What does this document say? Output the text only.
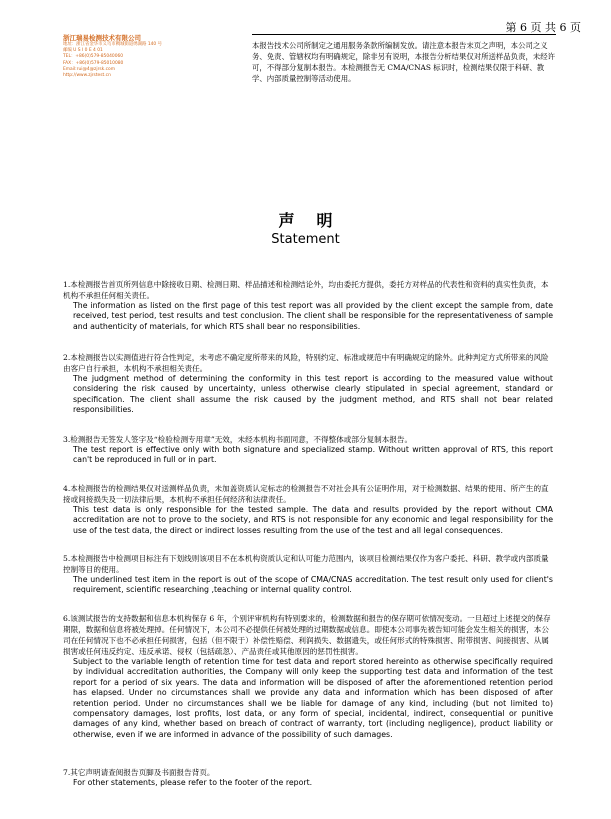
第 6 页 共 6 页
浙江瑞易检测技术有限公司
地址：浙江省金华市义乌市稠城街道绣湖路 140 号
邮编 U S I 0 E 4 01
TEL：+86(0)579-85040060
FAX：+86(0)579-85010080
Email:rui@4@zjrsk.com
http://www.zjrstest.cn
本报告技术公司所制定之通用服务条款所编制发放。请注意本报告末页之声明，本公司之义务、免责、管辖权均有明确规定，除非另有说明，本报告分析结果仅对所送样品负责，未经许可，不得部分复制本报告。本检测报告无 CMA/CNAS 标识时，检测结果仅限于科研、教学、内部质量控制等活动使用。
声明
Statement
1.本检测报告首页所列信息中除接收日期、检测日期、样品描述和检测结论外，均由委托方提供，委托方对样品的代表性和资料的真实性负责，本机构不承担任何相关责任。
The information as listed on the first page of this test report was all provided by the client except the sample from, date received, test period, test results and test conclusion. The client shall be responsible for the representativeness of sample and authenticity of materials, for which RTS shall bear no responsibilities.
2.本检测报告以实测值进行符合性判定，未考虑不确定度所带来的风险，特别约定、标准或规范中有明确规定的除外。此种判定方式所带来的风险由客户自行承担，本机构不承担相关责任。
The judgment method of determining the conformity in this test report is according to the measured value without considering the risk caused by uncertainty, unless otherwise clearly stipulated in special agreement, standard or specification. The client shall assume the risk caused by the judgment method, and RTS shall not bear related responsibilities.
3.检测报告无签发人签字及“检验检测专用章”无效，未经本机构书面同意，不得整体或部分复制本报告。
The test report is effective only with both signature and specialized stamp. Without written approval of RTS, this report can't be reproduced in full or in part.
4.本检测报告的检测结果仅对送测样品负责，未加盖资质认定标志的检测报告不对社会具有公证明作用，对于检测数据、结果的使用、所产生的直接或间接损失及一切法律后果，本机构不承担任何经济和法律责任。
This test data is only responsible for the tested sample. The data and results provided by the report without CMA accreditation are not to prove to the society, and RTS is not responsible for any economic and legal responsibility for the use of the test data, the direct or indirect losses resulting from the use of the test and all legal consequences.
5.本检测报告中检测项目标注有下划线则该项目不在本机构资质认定和认可能力范围内，该项目检测结果仅作为客户委托、科研、教学或内部质量控制等目的使用。
The underlined test item in the report is out of the scope of CMA/CNAS accreditation. The test result only used for client's requirement, scientific researching ,teaching or internal quality control.
6.该测试报告的支持数据和信息本机构保存 6 年，个别评审机构有特别要求的，检测数据和报告的保存期可依情况变动。一旦超过上述提交的保存期限，数据和信息将被处理掉。任何情况下，本公司不必提供任何被处理的过期数据或信息。即使本公司事先被告知可能会发生相关的损害，本公司在任何情况下也不必承担任何损害，包括（但不限于）补偿性赔偿、利润损失、数据遗失，或任何形式的特殊损害、附带损害、间接损害、从属损害或任何违反约定、违反承诺、侵权（包括疏忽）、产品责任或其他原因的惩罚性损害。
Subject to the variable length of retention time for test data and report stored hereinto as otherwise specifically required by individual accreditation authorities, the Company will only keep the supporting test data and information of the test report for a period of six years. The data and information will be disposed of after the aforementioned retention period has elapsed. Under no circumstances shall we provide any data and information which has been disposed of after retention period. Under no circumstances shall we be liable for damage of any kind, including (but not limited to) compensatory damages, lost profits, lost data, or any form of special, incidental, indirect, consequential or punitive damages of any kind, whether based on breach of contract of warranty, tort (including negligence), product liability or otherwise, even if we are informed in advance of the possibility of such damages.
7.其它声明请查阅报告页脚及书面报告背页。
For other statements, please refer to the footer of the report.
